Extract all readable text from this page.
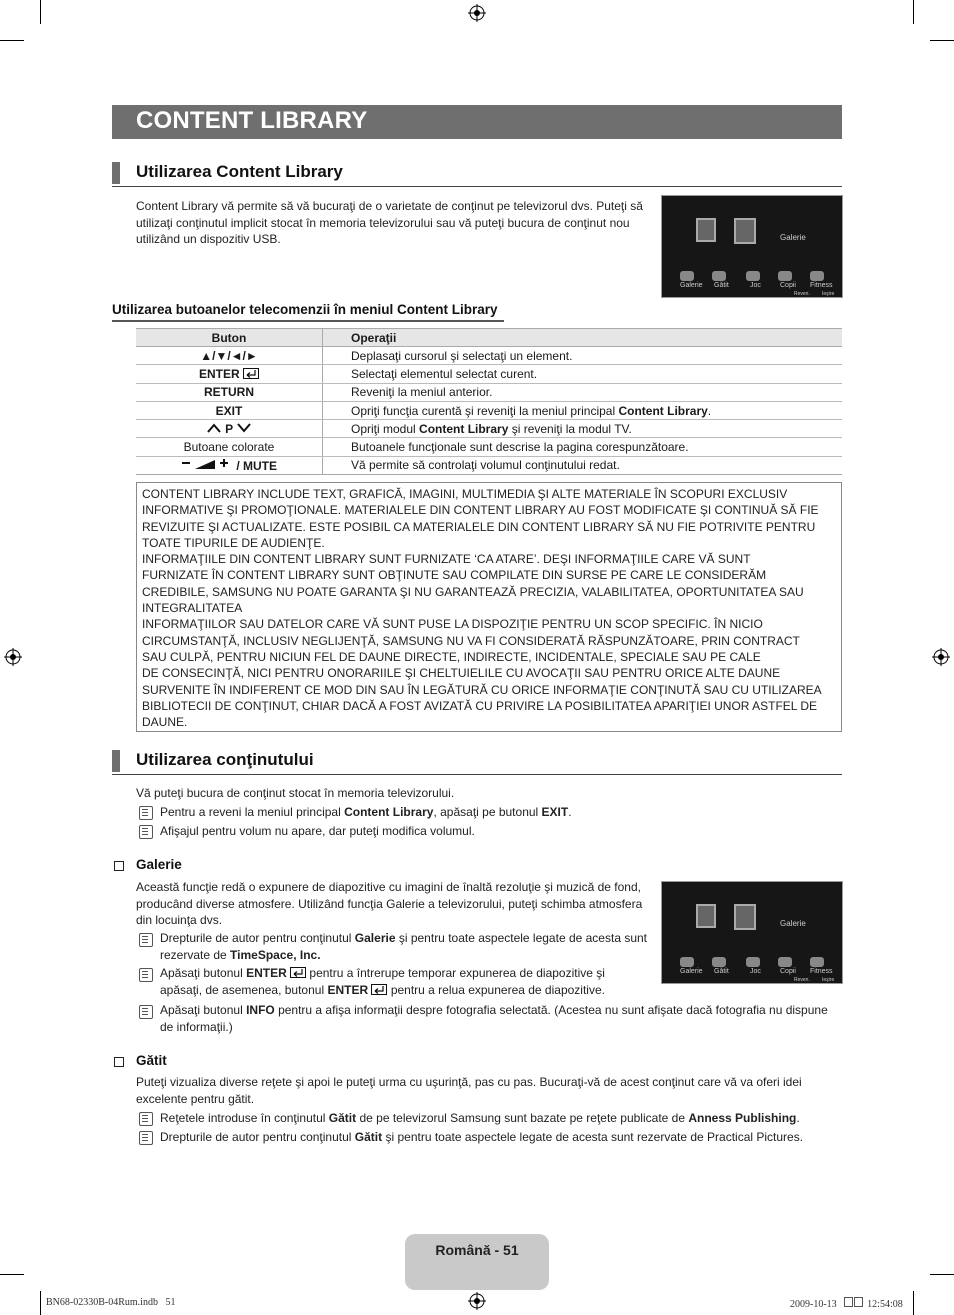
CONTENT LIBRARY
Utilizarea Content Library
Content Library vă permite să vă bucuraţi de o varietate de conţinut pe televizorul dvs. Puteţi să
utilizaţi conţinutul implicit stocat în memoria televizorului sau vă puteţi bucura de conţinut nou
utilizând un dispozitiv USB.	Galerie
Galerie Gătit	Joc	Copii Fitness
Reven. Ieşire
Utilizarea butoanelor telecomenzii în meniul Content Library
Buton	Operaţii
▲/▼/◄/►	Deplasaţi cursorul şi selectaţi un element.
ENTER	Selectaţi elementul selectat curent.
RETURN	Reveniţi la meniul anterior.
EXIT	Opriţi funcţia curentă şi reveniţi la meniul principal Content Library.
P	Opriţi modul Content Library şi reveniţi la modul TV.
Butoane colorate	Butoanele funcţionale sunt descrise la pagina corespunzătoare.
/ MUTE	Vă permite să controlaţi volumul conţinutului redat.
CONTENT LIBRARY INCLUDE TEXT, GRAFICĂ, IMAGINI, MULTIMEDIA ŞI ALTE MATERIALE ÎN SCOPURI EXCLUSIV
INFORMATIVE ŞI PROMOŢIONALE. MATERIALELE DIN CONTENT LIBRARY AU FOST MODIFICATE ŞI CONTINUĂ SĂ FIE
REVIZUITE ŞI ACTUALIZATE. ESTE POSIBIL CA MATERIALELE DIN CONTENT LIBRARY SĂ NU FIE POTRIVITE PENTRU
TOATE TIPURILE DE AUDIENŢE.
INFORMAŢIILE DIN CONTENT LIBRARY SUNT FURNIZATE ‘CA ATARE’. DEŞI INFORMAŢIILE CARE VĂ SUNT
FURNIZATE ÎN CONTENT LIBRARY SUNT OBŢINUTE SAU COMPILATE DIN SURSE PE CARE LE CONSIDERĂM
CREDIBILE, SAMSUNG NU POATE GARANTA ŞI NU GARANTEAZĂ PRECIZIA, VALABILITATEA, OPORTUNITATEA SAU
INTEGRALITATEA
INFORMAŢIILOR SAU DATELOR CARE VĂ SUNT PUSE LA DISPOZIŢIE PENTRU UN SCOP SPECIFIC. ÎN NICIO
CIRCUMSTANŢĂ, INCLUSIV NEGLIJENŢĂ, SAMSUNG NU VA FI CONSIDERATĂ RĂSPUNZĂTOARE, PRIN CONTRACT
SAU CULPĂ, PENTRU NICIUN FEL DE DAUNE DIRECTE, INDIRECTE, INCIDENTALE, SPECIALE SAU PE CALE
DE CONSECINŢĂ, NICI PENTRU ONORARIILE ŞI CHELTUIELILE CU AVOCAŢII SAU PENTRU ORICE ALTE DAUNE
SURVENITE ÎN INDIFERENT CE MOD DIN SAU ÎN LEGĂTURĂ CU ORICE INFORMAŢIE CONŢINUTĂ SAU CU UTILIZAREA
BIBLIOTECII DE CONŢINUT, CHIAR DACĂ A FOST AVIZATĂ CU PRIVIRE LA POSIBILITATEA APARIŢIEI UNOR ASTFEL DE
DAUNE.
Utilizarea conţinutului
Vă puteţi bucura de conţinut stocat în memoria televizorului.
Pentru a reveni la meniul principal Content Library, apăsaţi pe butonul EXIT.
Afişajul pentru volum nu apare, dar puteţi modifica volumul.
Galerie
Această funcţie redă o expunere de diapozitive cu imagini de înaltă rezoluţie şi muzică de fond,
producând diverse atmosfere. Utilizând funcţia Galerie a televizorului, puteţi schimba atmosfera
din locuinţa dvs.	Galerie
Galerie Gătit	Joc	Copii Fitness
Reven. Ieşire
Drepturile de autor pentru conţinutul Galerie şi pentru toate aspectele legate de acesta sunt
rezervate de TimeSpace, Inc.
Apăsaţi butonul ENTER  pentru a întrerupe temporar expunerea de diapozitive şi
apăsaţi, de asemenea, butonul ENTER  pentru a relua expunerea de diapozitive.
Apăsaţi butonul INFO pentru a afişa informaţii despre fotografia selectată. (Acestea nu sunt afişate dacă fotografia nu dispune
de informaţii.)
Gătit
Puteţi vizualiza diverse reţete şi apoi le puteţi urma cu uşurinţă, pas cu pas. Bucuraţi-vă de acest conţinut care vă va oferi idei
excelente pentru gătit.
Reţetele introduse în conţinutul Gătit de pe televizorul Samsung sunt bazate pe reţete publicate de Anness Publishing.
Drepturile de autor pentru conţinutul Gătit şi pentru toate aspectele legate de acesta sunt rezervate de Practical Pictures.
Română - 51
BN68-02330B-04Rum.indb   51	2009-10-13   12:54:08
